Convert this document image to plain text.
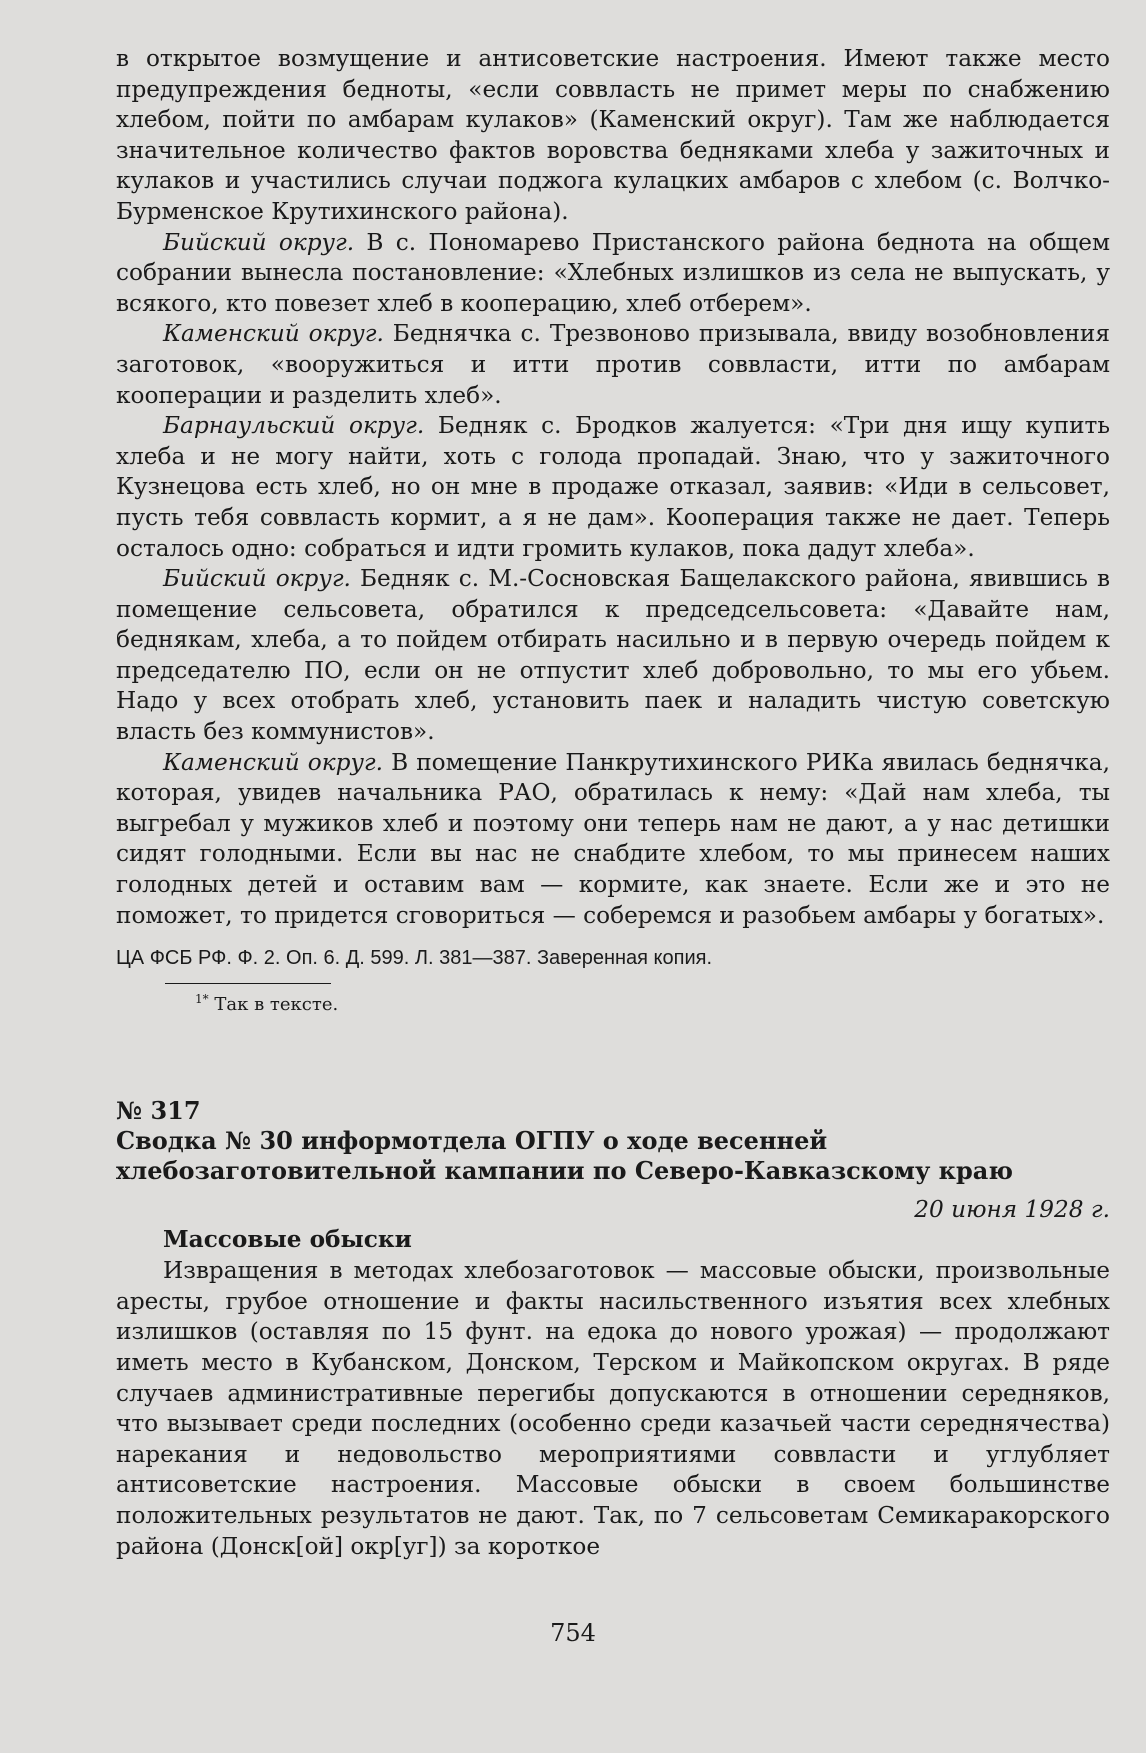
в открытое возмущение и антисоветские настроения. Имеют также место предупреждения бедноты, «если соввласть не примет меры по снабжению хлебом, пойти по амбарам кулаков» (Каменский округ). Там же наблюдается значительное количество фактов воровства бедняками хлеба у зажиточных и кулаков и участились случаи поджога кулацких амбаров с хлебом (с. Волчко-Бурменское Крутихинского района).

Бийский округ. В с. Пономарево Пристанского района беднота на общем собрании вынесла постановление: «Хлебных излишков из села не выпускать, у всякого, кто повезет хлеб в кооперацию, хлеб отберем».

Каменский округ. Беднячка с. Трезвоново призывала, ввиду возобновления заготовок, «вооружиться и итти против соввласти, итти по амбарам кооперации и разделить хлеб».

Барнаульский округ. Бедняк с. Бродков жалуется: «Три дня ищу купить хлеба и не могу найти, хоть с голода пропадай. Знаю, что у зажиточного Кузнецова есть хлеб, но он мне в продаже отказал, заявив: «Иди в сельсовет, пусть тебя соввласть кормит, а я не дам». Кооперация также не дает. Теперь осталось одно: собраться и идти громить кулаков, пока дадут хлеба».

Бийский округ. Бедняк с. М.-Сосновская Бащелакского района, явившись в помещение сельсовета, обратился к председсельсовета: «Давайте нам, беднякам, хлеба, а то пойдем отбирать насильно и в первую очередь пойдем к председателю ПО, если он не отпустит хлеб добровольно, то мы его убьем. Надо у всех отобрать хлеб, установить паек и наладить чистую советскую власть без коммунистов».

Каменский округ. В помещение Панкрутихинского РИКа явилась беднячка, которая, увидев начальника РАО, обратилась к нему: «Дай нам хлеба, ты выгребал у мужиков хлеб и поэтому они теперь нам не дают, а у нас детишки сидят голодными. Если вы нас не снабдите хлебом, то мы принесем наших голодных детей и оставим вам — кормите, как знаете. Если же и это не поможет, то придется сговориться — соберемся и разобьем амбары у богатых».

ЦА ФСБ РФ. Ф. 2. Оп. 6. Д. 599. Л. 381—387. Заверенная копия.

$^{1*}$ Так в тексте.

№ 317

Сводка № 30 информотдела ОГПУ о ходе весенней хлебозаготовительной кампании по Северо-Кавказскому краю

20 июня 1928 г.

Массовые обыски

Извращения в методах хлебозаготовок — массовые обыски, произвольные аресты, грубое отношение и факты насильственного изъятия всех хлебных излишков (оставляя по 15 фунт. на едока до нового урожая) — продолжают иметь место в Кубанском, Донском, Терском и Майкопском округах. В ряде случаев административные перегибы допускаются в отношении середняков, что вызывает среди последних (особенно среди казачьей части середнячества) нарекания и недовольство мероприятиями соввласти и углубляет антисоветские настроения. Массовые обыски в своем большинстве положительных результатов не дают. Так, по 7 сельсоветам Семикаракорского района (Донск[ой] окр[уг]) за короткое

754
